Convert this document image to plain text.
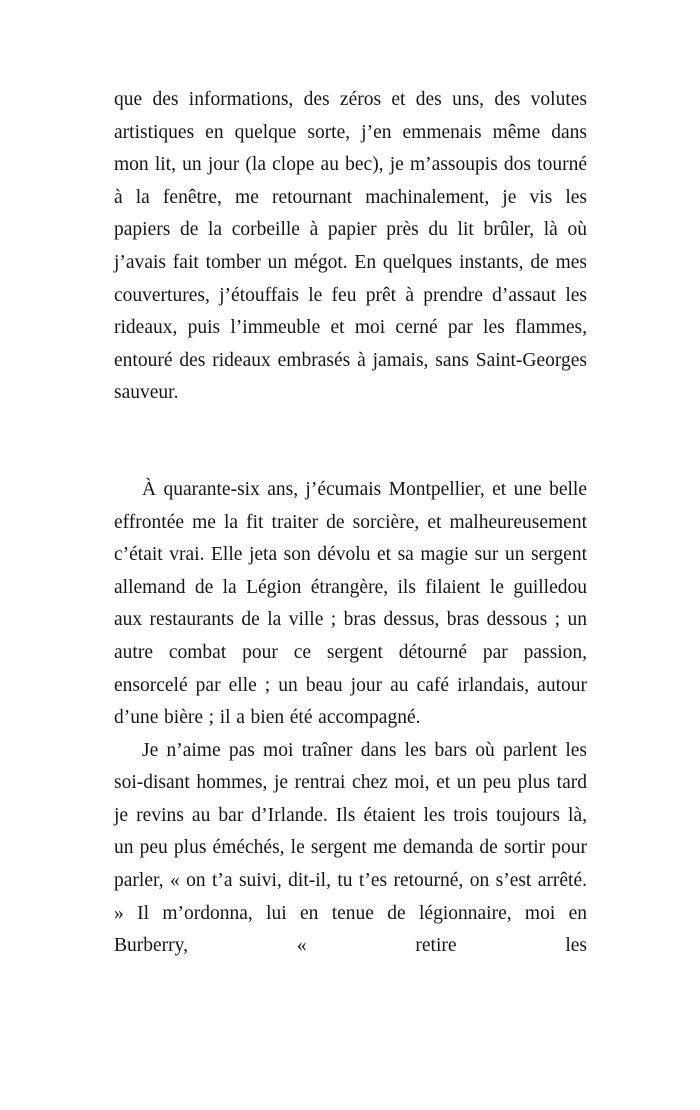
que des informations, des zéros et des uns, des volutes artistiques en quelque sorte, j’en emmenais même dans mon lit, un jour (la clope au bec), je m’assoupis dos tourné à la fenêtre, me retournant machinalement, je vis les papiers de la corbeille à papier près du lit brûler, là où j’avais fait tomber un mégot. En quelques instants, de mes couvertures, j’étouffais le feu prêt à prendre d’assaut les rideaux, puis l’immeuble et moi cerné par les flammes, entouré des rideaux embrasés à jamais, sans Saint-Georges sauveur.

À quarante-six ans, j’écumais Montpellier, et une belle effrontée me la fit traiter de sorcière, et malheureusement c’était vrai. Elle jeta son dévolu et sa magie sur un sergent allemand de la Légion étrangère, ils filaient le guilledou aux restaurants de la ville ; bras dessus, bras dessous ; un autre combat pour ce sergent détourné par passion, ensorcelé par elle ; un beau jour au café irlandais, autour d’une bière ; il a bien été accompagné.

Je n’aime pas moi traîner dans les bars où parlent les soi-disant hommes, je rentrai chez moi, et un peu plus tard je revins au bar d’Irlande. Ils étaient les trois toujours là, un peu plus éméchés, le sergent me demanda de sortir pour parler, « on t’a suivi, dit-il, tu t’es retourné, on s’est arrêté. » Il m’ordonna, lui en tenue de légionnaire, moi en Burberry, « retire les
